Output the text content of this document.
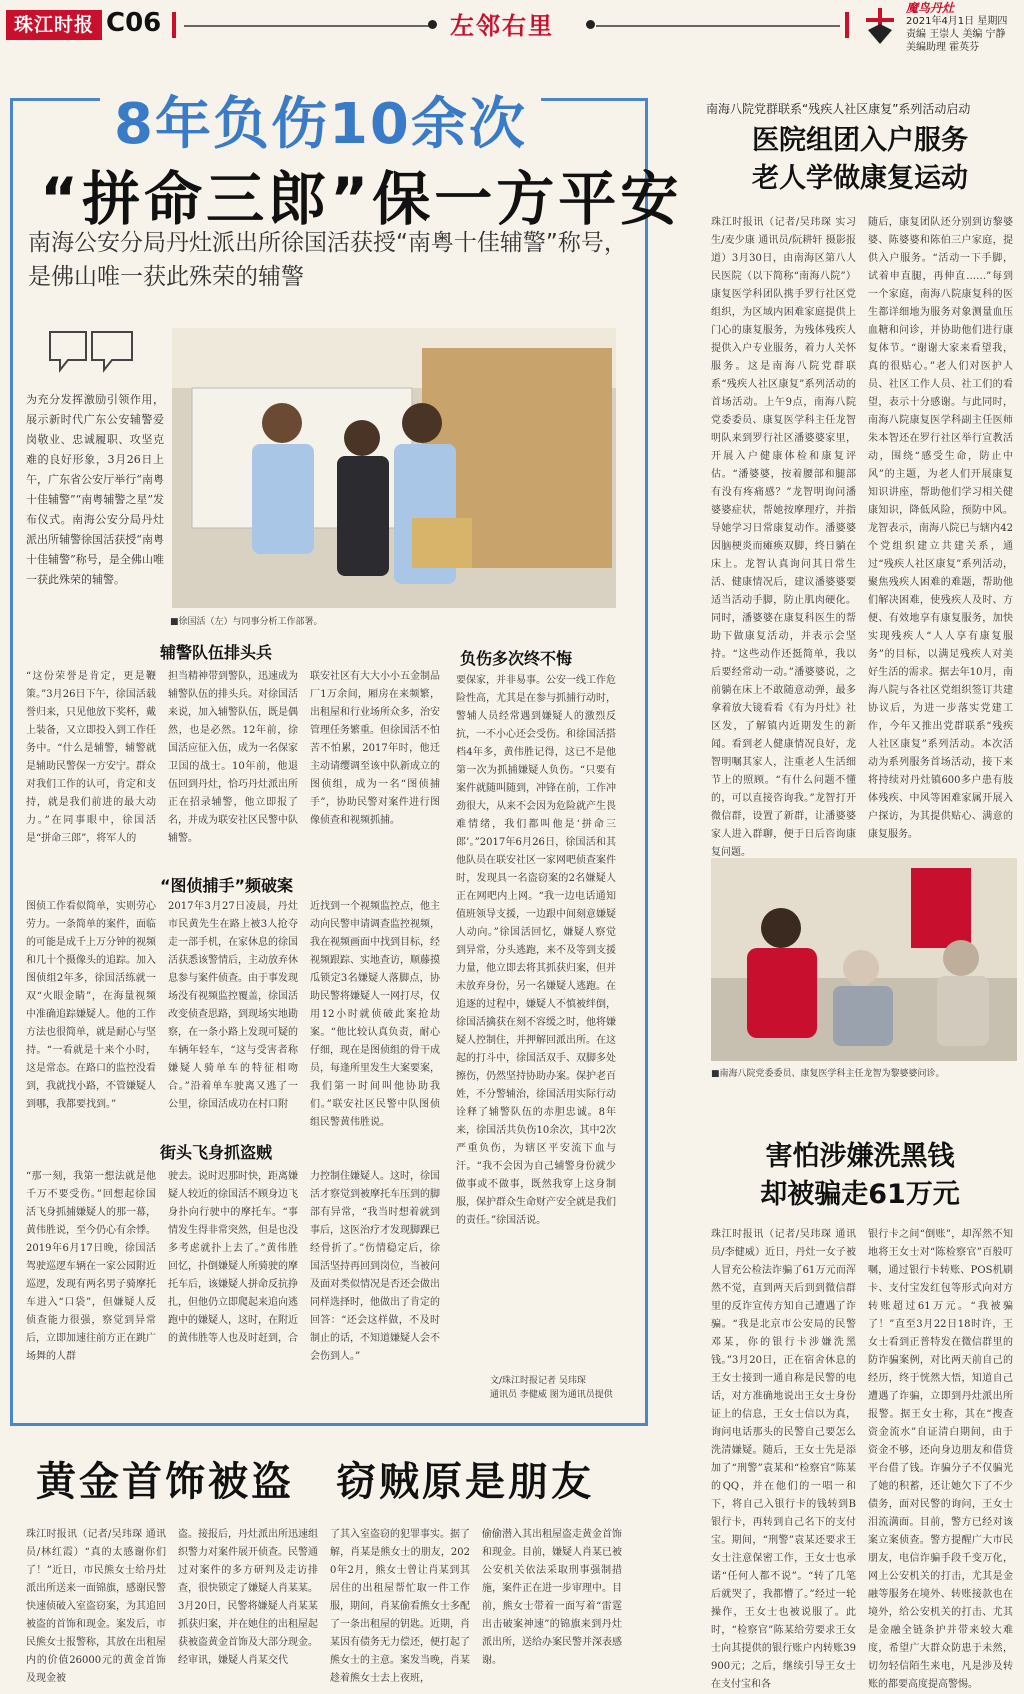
珠江时报 C06	左邻右里
魔鸟丹灶
2021年4月1日 星期四
责编 王崇人 美编 宁静
美编助理 霍英芬
8年负伤10余次
“拼命三郎”保一方平安
南海公安分局丹灶派出所徐国活获授“南粤十佳辅警”称号，是佛山唯一获此殊荣的辅警
为充分发挥激励引领作用，展示新时代广东公安辅警爱岗敬业、忠诚履职、攻坚克难的良好形象，3月26日上午，广东省公安厅举行“南粤十佳辅警”“南粤辅警之星”发布仪式。南海公安分局丹灶派出所辅警徐国活获授“南粤十佳辅警”称号，是全佛山唯一获此殊荣的辅警。
■徐国活（左）与同事分析工作部署。
辅警队伍排头兵	负伤多次终不悔
“图侦捕手”频破案
街头飞身抓盗贼
“这份荣誉是肯定，更是鞭策。”3月26日下午，徐国活载誉归来，只见他放下奖杯，戴上装备，又立即投入到工作任务中。“什么是辅警，辅警就是辅助民警保一方安宁。群众对我们工作的认可，肯定和支持，就是我们前进的最大动力。”在同事眼中，徐国活是“拼命三郎”，将军人的
担当精神带到警队，迅速成为辅警队伍的排头兵。对徐国活来说，加入辅警队伍，既是偶然，也是必然。12年前，徐国活应征入伍，成为一名保家卫国的战士。10年前，他退伍回到丹灶，恰巧丹灶派出所正在招录辅警，他立即报了名，并成为联安社区民警中队辅警。
联安社区有大大小小五金制品厂1万余间，厢房在来频繁，出租屋和行业场所众多，治安管理任务繁重。但徐国活不怕苦不怕累，2017年时，他迁主动请缨调至该中队新成立的图侦组，成为一名“图侦捕手”，协助民警对案件进行图像侦查和视频抓捕。
图侦工作看似简单，实则劳心劳力。一条简单的案件，面临的可能是成千上万分钟的视频和几十个摄像头的追踪。加入图侦组2年多，徐国活练就一双“火眼金睛”，在海量视频中准确追踪嫌疑人。他的工作方法也很简单，就是耐心与坚持。“一看就是十来个小时，这是常态。在路口的监控没看到，我就找小路，不管嫌疑人到哪，我都要找到。”
2017年3月27日凌晨，丹灶市民黄先生在路上被3人抢夺走一部手机，在家休息的徐国活获悉该警情后，主动放弃休息参与案件侦查。由于事发现场没有视频监控覆盖，徐国活改变侦查思路，到现场实地勘察，在一条小路上发现可疑的车辆年轻车，“这与受害者称嫌疑人骑单车的特征相吻合。”沿着单车驶离又逃了一公里，徐国活成功在村口附
近找到一个视频监控点，他主动向民警申请调查监控视频，我在视频画面中找到目标，经视频跟踪、实地查访，顺藤摸瓜锁定3名嫌疑人落脚点，协助民警将嫌疑人一网打尽，仅用12小时就侦破此案抢劫案。“他比较认真负责，耐心仔细，现在是图侦组的骨干成员，每逢所里发生大案要案，我们第一时间叫他协助我们。”联安社区民警中队图侦组民警黄伟胜说。
要保家，并非易事。公安一线工作危险性高，尤其是在参与抓捕行动时，警辅人员经常遇到嫌疑人的激烈反抗，一不小心还会受伤。和徐国活搭档4年多，黄伟胜记得，这已不是他第一次为抓捕嫌疑人负伤。“只要有案件就随叫随到，冲锋在前，工作冲劲很大，从来不会因为危险就产生畏难情绪，我们都叫他是‘拼命三郎’。”2017年6月26日，徐国活和其他队员在联安社区一家网吧侦查案件时，发现具一名盗窃案的2名嫌疑人正在网吧内上网。“我一边电话通知值班领导支援，一边跟中间刻意嫌疑人动向。”徐国活回忆，嫌疑人察觉到异常，分头逃跑，来不及等到支援力量，他立即去将其抓获归案，但并未放弃身份，另一名嫌疑人逃跑。在追逐的过程中，嫌疑人不慎被绊倒，徐国活擒获在刻不容缓之时，他将嫌疑人控制住，并押解回派出所。在这起的打斗中，徐国活双手、双脚多处擦伤，仍然坚持协助办案。保护老百姓，不分警辅治，徐国活用实际行动诠释了辅警队伍的赤胆忠诚。8年来，徐国活共负伤10余次，其中2次严重负伤，为辖区平安流下血与汗。“我不会因为自己辅警身份就少做事或不做事，既然我穿上这身制服，保护群众生命财产安全就是我们的责任。”徐国活说。
“那一刻，我第一想法就是他千万不要受伤。”回想起徐国活飞身抓捕嫌疑人的那一幕，黄伟胜说，至今仍心有余悸。2019年6月17日晚，徐国活驾驶巡逻车辆在一家公园附近巡逻，发现有两名男子骑摩托车进入“口袋”，但嫌疑人反侦查能力很强，察觉到异常后，立即加速往前方正在跳广场舞的人群
驶去。说时迟那时快，距离嫌疑人较近的徐国活不顾身边飞身扑向行驶中的摩托车。“事情发生得非常突然，但是也没多考虑就扑上去了。”黄伟胜回忆，扑倒嫌疑人所骑驶的摩托车后，该嫌疑人拼命反抗挣扎，但他仍立即爬起来追向逃跑中的嫌疑人，这时，在附近的黄伟胜等人也及时赶到，合
力控制住嫌疑人。这时，徐国活才察觉到被摩托车压到的脚部有异常，“我当时想着就到事后，这医治疗才发现脚踝已经骨折了。”伤情稳定后，徐国活坚持再回到岗位，当被问及面对类似情况是否还会做出同样选择时，他做出了肯定的回答：“还会这样做，不及时制止的话，不知道嫌疑人会不会伤到人。”
文/珠江时报记者 吴玮琛
通讯员 李健威 图为通讯员提供
南海八院党群联系“残疾人社区康复”系列活动启动
医院组团入户服务
老人学做康复运动
珠江时报讯（记者/吴玮琛 实习生/麦少康 通讯员/阮耕轩 摄影报道）3月30日，由南海区第八人民医院（以下简称“南海八院”）康复医学科团队携手罗行社区党组织，为区域内困难家庭提供上门心的康复服务，为残体残疾人提供入户专业服务，着力人关怀服务。这是南海八院党群联系“残疾人社区康复”系列活动的首场活动。上午9点，南海八院党委委员、康复医学科主任龙智明队来到罗行社区潘婆婆家里，开展入户健康体检和康复评估。“潘婆婆，按着腰部和腿部有没有疼痛感？”龙智明询问潘婆婆症状，帮她按摩理疗，并指导她学习日常康复动作。潘婆婆因脑梗炎而瘫痪双脚，终日躺在床上。龙智认真询问其日常生活、健康情况后，建议潘婆婆要适当活动手脚，防止肌肉硬化。同时，潘婆婆在康复科医生的帮助下做康复活动，并表示会坚持。“这些动作还挺简单，我以后要经常动一动。”潘婆婆说，之前躺在床上不敢随意动弹，最多拿着放大镜看看《有为丹灶》社区发，了解镇内近期发生的新闻。看到老人健康情况良好，龙智明嘱其家人，注重老人生活细节上的照顾。“有什么问题不懂的，可以直接咨询我。”龙智打开微信群，设置了新群，让潘婆婆家人进入群聊，便于日后咨询康复问题。
随后，康复团队还分别到访黎婆婆、陈婆婆和陈伯三户家庭，提供入户服务。“活动一下手脚，试着申直腿，再伸直……”每到一个家庭，南海八院康复科的医生都详细地为服务对象测量血压血糖和问诊，并协助他们进行康复体节。“谢谢大家来看望我，真的很贴心。”老人们对医护人员、社区工作人员、社工们的看望，表示十分感谢。与此同时，南海八院康复医学科副主任医师朱本智还在罗行社区举行宣教活动，围绕“感受生命，防止中风”的主题，为老人们开展康复知识讲座，帮助他们学习相关健康知识，降低风险，预防中风。龙智表示，南海八院已与辖内42个党组织建立共建关系，通过“残疾人社区康复”系列活动，聚焦残疾人困难的难题，帮助他们解决困难，使残疾人及时、方便、有效地享有康复服务，加快实现残疾人“人人享有康复服务”的目标，以满足残疾人对美好生活的需求。据去年10月，南海八院与各社区党组织签订共建协议后，为进一步落实党建工作，今年又推出党群联系“残疾人社区康复”系列活动。本次活动为系列服务首场活动，接下来将持续对丹灶镇600多户患有肢体残疾、中风等困难家属开展入户探访，为其提供贴心、满意的康复服务。
■南海八院党委委员、康复医学科主任龙智为黎婆婆问诊。
害怕涉嫌洗黑钱
却被骗走61万元
珠江时报讯（记者/吴玮琛 通讯员/李健威）近日，丹灶一女子被人冒充公检法诈骗了61万元而浑然不觉，直到两天后到到微信群里的反诈宣传方知自己遭遇了诈骗。“我是北京市公安局的民警邓某，你的银行卡涉嫌洗黑钱。”3月20日，正在宿舍休息的王女士接到一通自称是民警的电话，对方准确地说出王女士身份证上的信息，王女士信以为真，询问电话那头的民警自己要怎么洗清嫌疑。随后，王女士先是添加了“刑警”袁某和“检察官”陈某的QQ，并在他们的一唱一和下，将自己入银行卡的钱转到B银行卡，再转到自己名下的支付宝。期间，“刑警”袁某还要求王女士注意保密工作，王女士也承诺“任何人都不说”。“转了几笔后就哭了，我都懵了。”经过一轮操作，王女士也被说服了。此时，“检察官”陈某给劳要求王女士向其提供的银行账户内转账39900元；之后，继续引导王女士在支付宝和各
银行卡之间“倒账”，却浑然不知地将王女士对“陈检察官”百般叮嘱，通过银行卡转账、POS机刷卡、支付宝发红包等形式向对方转账超过61万元。“我被骗了！”直至3月22日18时许，王女士看到正普特发在微信群里的防诈骗案例，对比两天前自己的经历，终于恍然大悟，知道自己遭遇了诈骗，立即到丹灶派出所报警。据王女士称，其在“搜查资金流水”自证清白期间，由于资金不够，还向身边朋友和借贷平台借了钱。诈骗分子不仅骗光了她的积蓄，还让她欠下了不少债务，面对民警的询问，王女士泪流满面。目前，警方已经对该案立案侦查。警方提醒广大市民朋友，电信诈骗手段千变万化，网上公安机关的打击，尤其是金融等服务在境外、转账接款也在境外，给公安机关的打击、尤其是金融全链条护并带来较大难度，希望广大群众防患于未然，切勿轻信陌生来电，凡是涉及转账的都要高度提高警惕。
黄金首饰被盗 窃贼原是朋友
珠江时报讯（记者/吴玮琛 通讯员/林红霞）“真的太感谢你们了！”近日，市民熊女士给丹灶派出所送来一面锦旗，感谢民警快速侦破入室盗窃案，为其追回被盗的首饰和现金。案发后，市民熊女士报警称，其放在出租屋内的价值26000元的黄金首饰及现金被
盗。接报后，丹灶派出所迅速组织警力对案件展开侦查。民警通过对案件的多方研判及走访排查，很快锁定了嫌疑人肖某某。3月20日，民警将嫌疑人肖某某抓获归案，并在她住的出租屋起获被盗黄金首饰及大部分现金。经审讯，嫌疑人肖某交代
了其入室盗窃的犯罪事实。据了解，肖某是熊女士的朋友，2020年2月，熊女士曾让肖某到其居住的出租屋帮忙取一件工作服，期间，肖某偷看熊女士多配了一条出租屋的钥匙。近期，肖某因有债务无力偿还，便打起了熊女士的主意。案发当晚，肖某趁着熊女士去上夜班，
偷偷潜入其出租屋盗走黄金首饰和现金。目前，嫌疑人肖某已被公安机关依法采取刑事强制措施，案件正在进一步审理中。目前，熊女士带着一面写着“雷霆出击破案神速”的锦旗来到丹灶派出所，送给办案民警并深表感谢。
